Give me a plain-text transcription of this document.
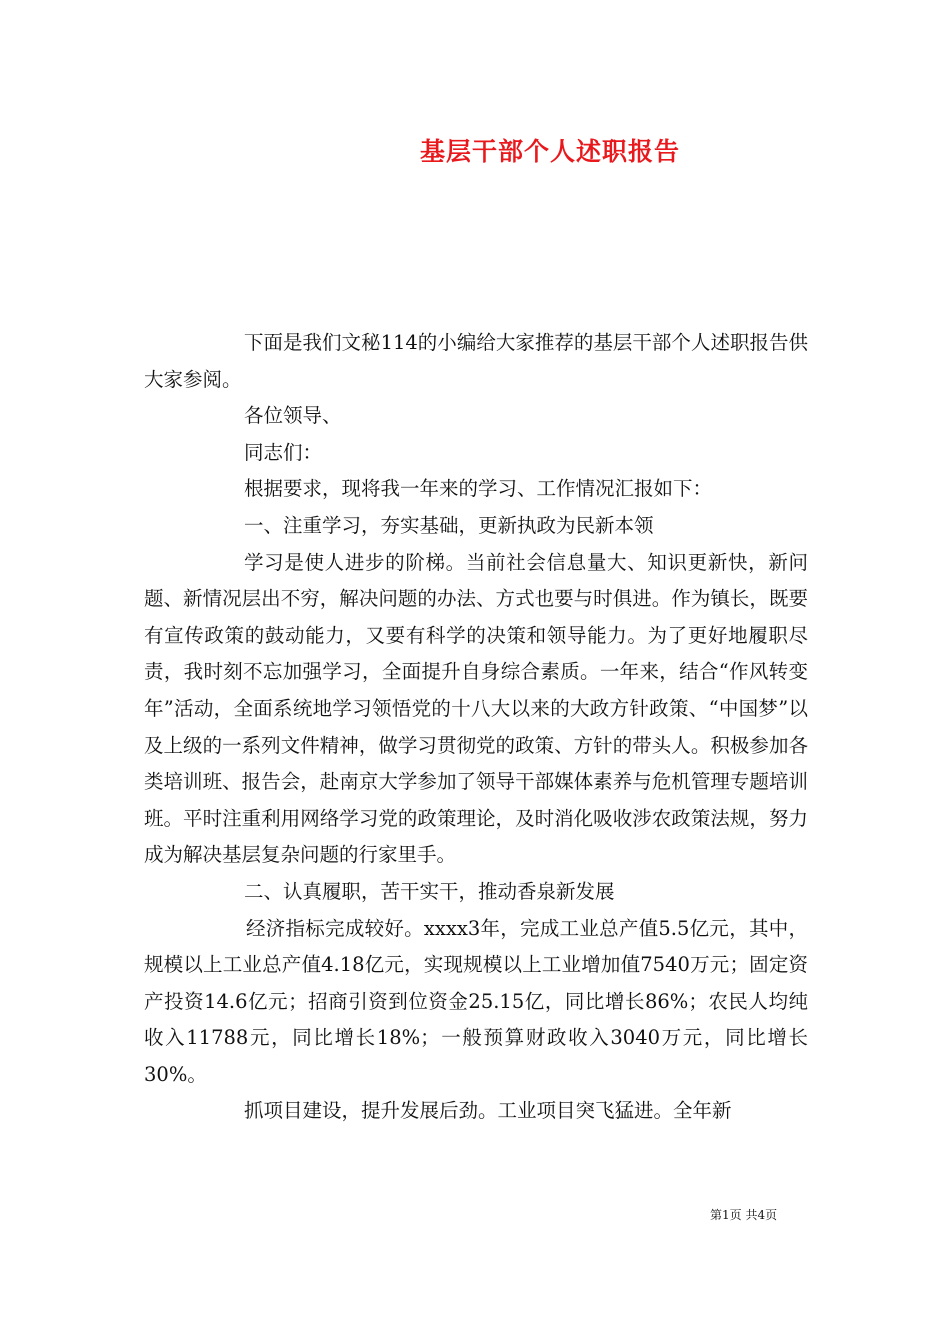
基层干部个人述职报告

下面是我们文秘114的小编给大家推荐的基层干部个人述职报告供大家参阅。

各位领导、

同志们：

根据要求，现将我一年来的学习、工作情况汇报如下：

一、注重学习，夯实基础，更新执政为民新本领

学习是使人进步的阶梯。当前社会信息量大、知识更新快，新问题、新情况层出不穷，解决问题的办法、方式也要与时俱进。作为镇长，既要有宣传政策的鼓动能力，又要有科学的决策和领导能力。为了更好地履职尽责，我时刻不忘加强学习，全面提升自身综合素质。一年来，结合“作风转变年”活动，全面系统地学习领悟党的十八大以来的大政方针政策、“中国梦”以及上级的一系列文件精神，做学习贯彻党的政策、方针的带头人。积极参加各类培训班、报告会，赴南京大学参加了领导干部媒体素养与危机管理专题培训班。平时注重利用网络学习党的政策理论，及时消化吸收涉农政策法规，努力成为解决基层复杂问题的行家里手。

二、认真履职，苦干实干，推动香泉新发展

经济指标完成较好。xxxx3年，完成工业总产值5.5亿元，其中，规模以上工业总产值4.18亿元，实现规模以上工业增加值7540万元；固定资产投资14.6亿元；招商引资到位资金25.15亿，同比增长86%；农民人均纯收入11788元，同比增长18%；一般预算财政收入3040万元，同比增长30%。

抓项目建设，提升发展后劲。工业项目突飞猛进。全年新

第1页 共4页
